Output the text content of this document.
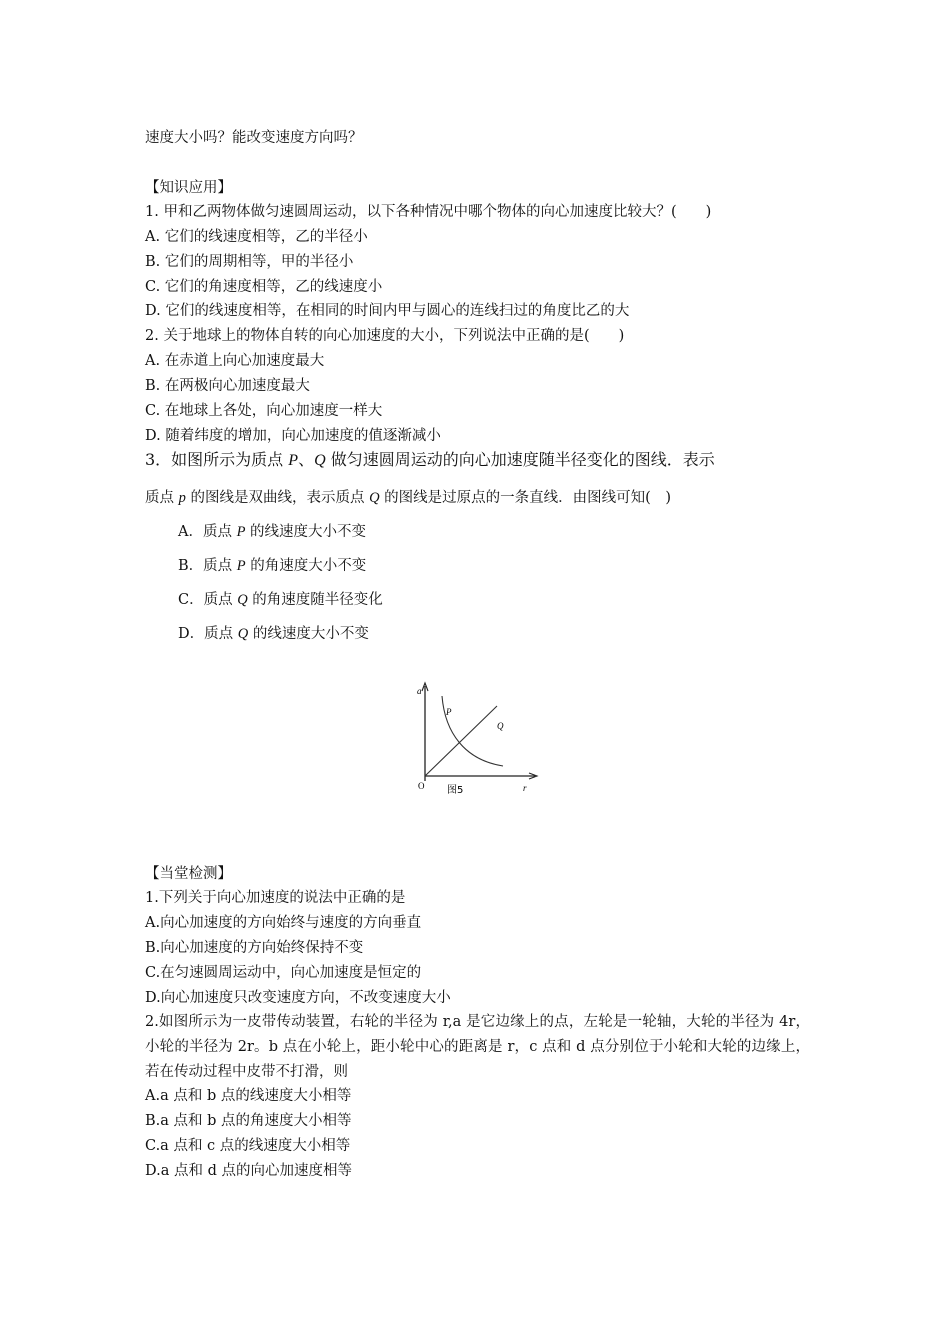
速度大小吗？能改变速度方向吗？
【知识应用】
1. 甲和乙两物体做匀速圆周运动，以下各种情况中哪个物体的向心加速度比较大？(　　)
A. 它们的线速度相等，乙的半径小
B. 它们的周期相等，甲的半径小
C. 它们的角速度相等，乙的线速度小
D. 它们的线速度相等，在相同的时间内甲与圆心的连线扫过的角度比乙的大
2. 关于地球上的物体自转的向心加速度的大小，下列说法中正确的是(　　)
A. 在赤道上向心加速度最大
B. 在两极向心加速度最大
C. 在地球上各处，向心加速度一样大
D. 随着纬度的增加，向心加速度的值逐渐减小
3．如图所示为质点 P、Q 做匀速圆周运动的向心加速度随半径变化的图线．表示
质点 p 的图线是双曲线，表示质点 Q 的图线是过原点的一条直线．由图线可知(　)
A．质点 P 的线速度大小不变
B．质点 P 的角速度大小不变
C．质点 Q 的角速度随半径变化
D．质点 Q 的线速度大小不变
a
P
Q
O	r
图5
【当堂检测】
1.下列关于向心加速度的说法中正确的是
A.向心加速度的方向始终与速度的方向垂直
B.向心加速度的方向始终保持不变
C.在匀速圆周运动中，向心加速度是恒定的
D.向心加速度只改变速度方向，不改变速度大小
2.如图所示为一皮带传动装置，右轮的半径为 r,a 是它边缘上的点，左轮是一轮轴，大轮的半径为 4r，小轮的半径为 2r。b 点在小轮上，距小轮中心的距离是 r，c 点和 d 点分别位于小轮和大轮的边缘上，若在传动过程中皮带不打滑，则
A.a 点和 b 点的线速度大小相等
B.a 点和 b 点的角速度大小相等
C.a 点和 c 点的线速度大小相等
D.a 点和 d 点的向心加速度相等
